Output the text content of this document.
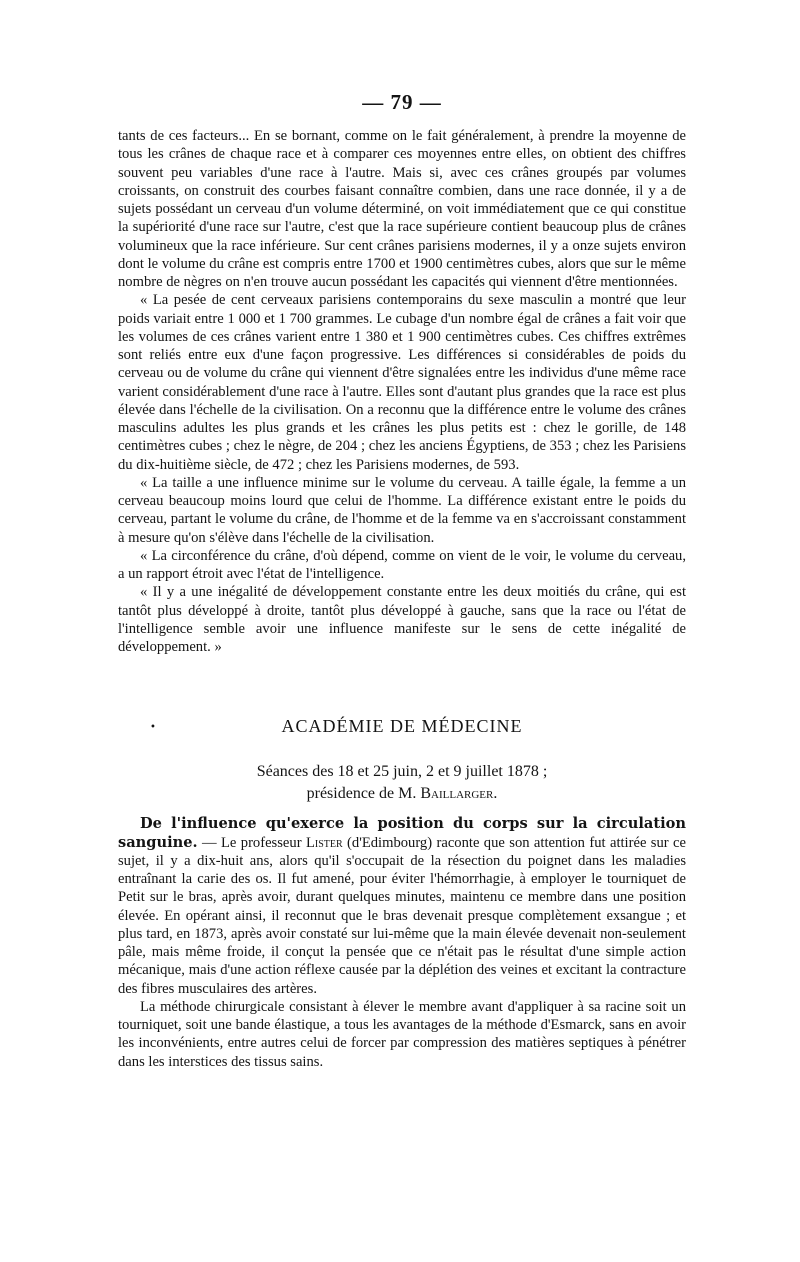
— 79 —

tants de ces facteurs... En se bornant, comme on le fait généralement, à prendre la moyenne de tous les crânes de chaque race et à comparer ces moyennes entre elles, on obtient des chiffres souvent peu variables d'une race à l'autre. Mais si, avec ces crânes groupés par volumes croissants, on construit des courbes faisant connaître combien, dans une race donnée, il y a de sujets possédant un cerveau d'un volume déterminé, on voit immédiatement que ce qui constitue la supériorité d'une race sur l'autre, c'est que la race supérieure contient beaucoup plus de crânes volumineux que la race inférieure. Sur cent crânes parisiens modernes, il y a onze sujets environ dont le volume du crâne est compris entre 1700 et 1900 centimètres cubes, alors que sur le même nombre de nègres on n'en trouve aucun possédant les capacités qui viennent d'être mentionnées.

« La pesée de cent cerveaux parisiens contemporains du sexe masculin a montré que leur poids variait entre 1 000 et 1 700 grammes. Le cubage d'un nombre égal de crânes a fait voir que les volumes de ces crânes varient entre 1 380 et 1 900 centimètres cubes. Ces chiffres extrêmes sont reliés entre eux d'une façon progressive. Les différences si considérables de poids du cerveau ou de volume du crâne qui viennent d'être signalées entre les individus d'une même race varient considérablement d'une race à l'autre. Elles sont d'autant plus grandes que la race est plus élevée dans l'échelle de la civilisation. On a reconnu que la différence entre le volume des crânes masculins adultes les plus grands et les crânes les plus petits est : chez le gorille, de 148 centimètres cubes ; chez le nègre, de 204 ; chez les anciens Égyptiens, de 353 ; chez les Parisiens du dix-huitième siècle, de 472 ; chez les Parisiens modernes, de 593.

« La taille a une influence minime sur le volume du cerveau. A taille égale, la femme a un cerveau beaucoup moins lourd que celui de l'homme. La différence existant entre le poids du cerveau, partant le volume du crâne, de l'homme et de la femme va en s'accroissant constamment à mesure qu'on s'élève dans l'échelle de la civilisation.

« La circonférence du crâne, d'où dépend, comme on vient de le voir, le volume du cerveau, a un rapport étroit avec l'état de l'intelligence.

« Il y a une inégalité de développement constante entre les deux moitiés du crâne, qui est tantôt plus développé à droite, tantôt plus développé à gauche, sans que la race ou l'état de l'intelligence semble avoir une influence manifeste sur le sens de cette inégalité de développement. »

•	ACADÉMIE DE MÉDECINE

Séances des 18 et 25 juin, 2 et 9 juillet 1878 ;

présidence de M. Baillarger.

De l'influence qu'exerce la position du corps sur la circulation sanguine. — Le professeur Lister (d'Edimbourg) raconte que son attention fut attirée sur ce sujet, il y a dix-huit ans, alors qu'il s'occupait de la résection du poignet dans les maladies entraînant la carie des os. Il fut amené, pour éviter l'hémorrhagie, à employer le tourniquet de Petit sur le bras, après avoir, durant quelques minutes, maintenu ce membre dans une position élevée. En opérant ainsi, il reconnut que le bras devenait presque complètement exsangue ; et plus tard, en 1873, après avoir constaté sur lui-même que la main élevée devenait non-seulement pâle, mais même froide, il conçut la pensée que ce n'était pas le résultat d'une simple action mécanique, mais d'une action réflexe causée par la déplétion des veines et excitant la contracture des fibres musculaires des artères.

La méthode chirurgicale consistant à élever le membre avant d'appliquer à sa racine soit un tourniquet, soit une bande élastique, a tous les avantages de la méthode d'Esmarck, sans en avoir les inconvénients, entre autres celui de forcer par compression des matières septiques à pénétrer dans les interstices des tissus sains.
